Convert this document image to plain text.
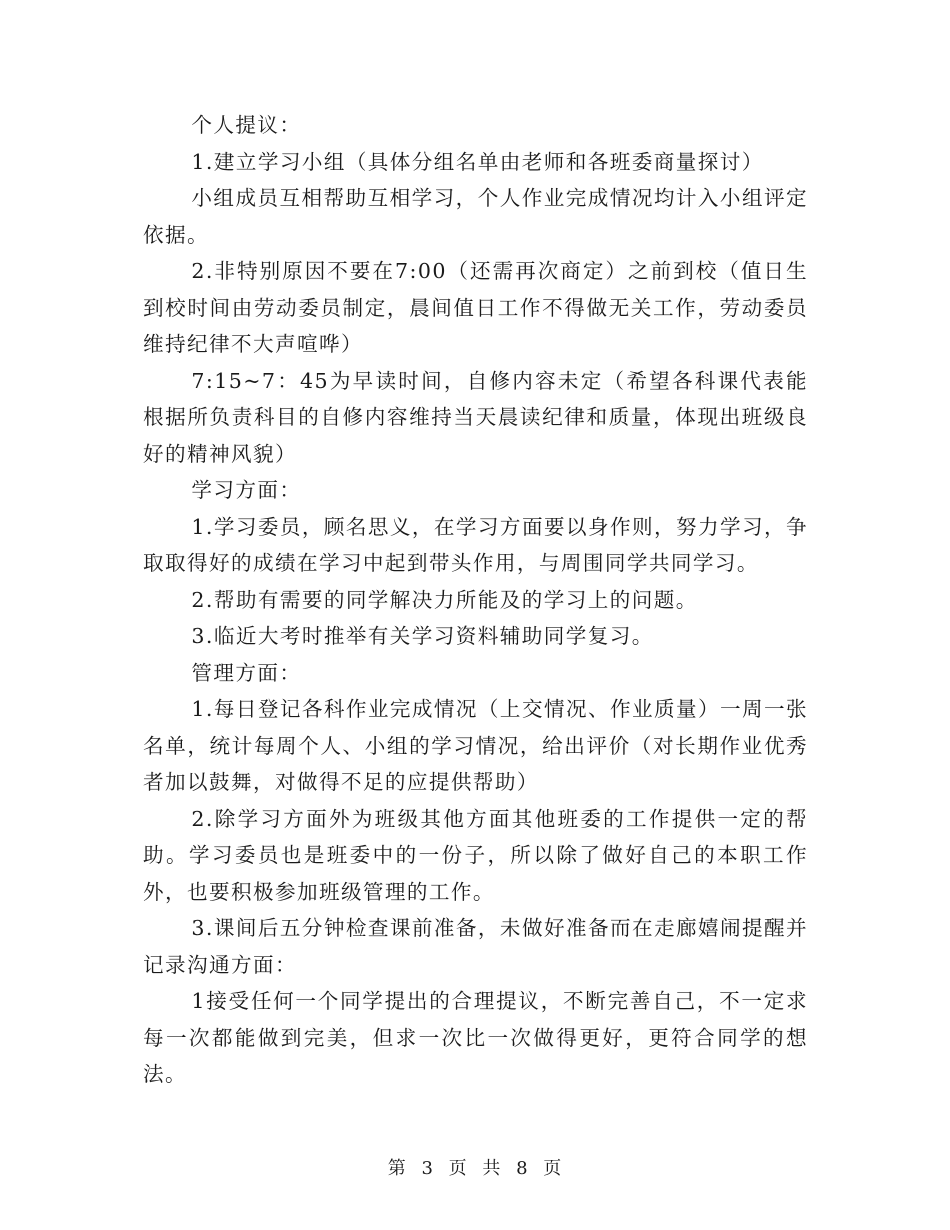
个人提议：

1.建立学习小组（具体分组名单由老师和各班委商量探讨）

小组成员互相帮助互相学习，个人作业完成情况均计入小组评定依据。

2.非特别原因不要在7:00（还需再次商定）之前到校（值日生到校时间由劳动委员制定，晨间值日工作不得做无关工作，劳动委员维持纪律不大声喧哗）

7:15~7：45为早读时间，自修内容未定（希望各科课代表能根据所负责科目的自修内容维持当天晨读纪律和质量，体现出班级良好的精神风貌）

学习方面：

1.学习委员，顾名思义，在学习方面要以身作则，努力学习，争取取得好的成绩在学习中起到带头作用，与周围同学共同学习。

2.帮助有需要的同学解决力所能及的学习上的问题。

3.临近大考时推举有关学习资料辅助同学复习。

管理方面：

1.每日登记各科作业完成情况（上交情况、作业质量）一周一张名单，统计每周个人、小组的学习情况，给出评价（对长期作业优秀者加以鼓舞，对做得不足的应提供帮助）

2.除学习方面外为班级其他方面其他班委的工作提供一定的帮助。学习委员也是班委中的一份子，所以除了做好自己的本职工作外，也要积极参加班级管理的工作。

3.课间后五分钟检查课前准备，未做好准备而在走廊嬉闹提醒并记录沟通方面：

1接受任何一个同学提出的合理提议，不断完善自己，不一定求每一次都能做到完美，但求一次比一次做得更好，更符合同学的想法。

第 3 页 共 8 页
